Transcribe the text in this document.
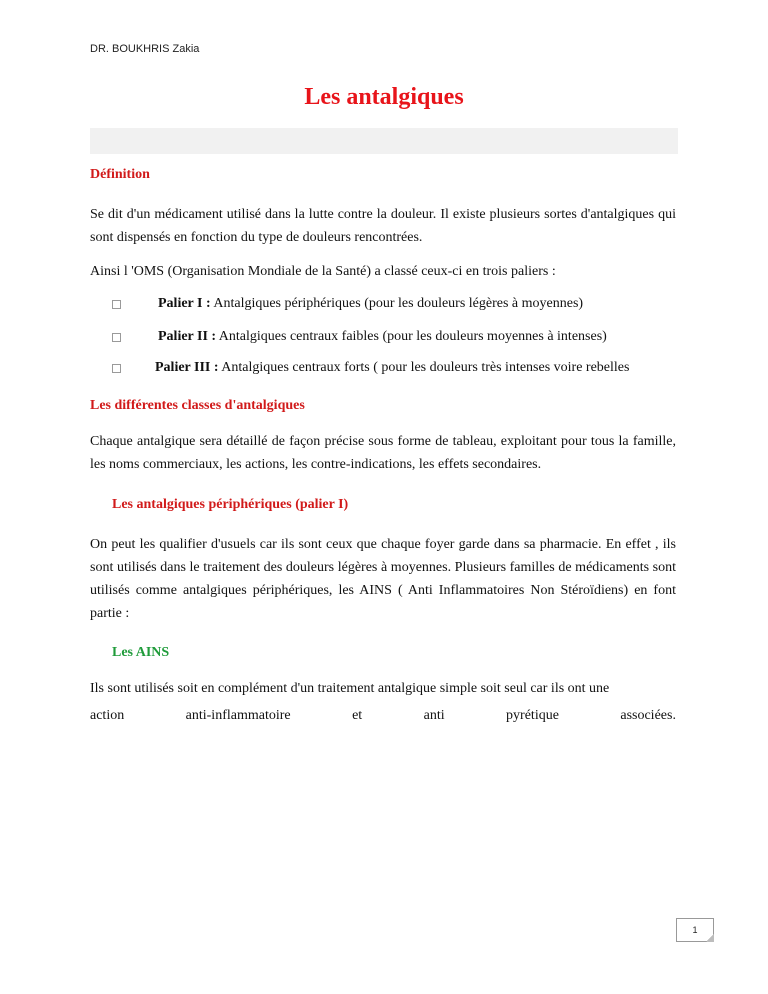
DR. BOUKHRIS Zakia
Les antalgiques
Définition
Se dit d'un médicament utilisé dans la lutte contre la douleur. Il existe plusieurs sortes d'antalgiques qui sont dispensés en fonction du type de douleurs rencontrées.
Ainsi l 'OMS (Organisation Mondiale de la Santé) a classé ceux-ci en trois paliers :
Palier I : Antalgiques périphériques (pour les douleurs légères à moyennes)
Palier II : Antalgiques centraux faibles (pour les douleurs moyennes à intenses)
Palier III : Antalgiques centraux forts ( pour les douleurs très intenses voire rebelles
Les différentes classes d'antalgiques
Chaque antalgique sera détaillé de façon précise sous forme de tableau, exploitant pour tous la famille, les noms commerciaux, les actions, les contre-indications, les effets secondaires.
Les antalgiques périphériques (palier I)
On peut les qualifier d'usuels car ils sont ceux que chaque foyer garde dans sa pharmacie. En effet , ils sont utilisés dans le traitement des douleurs légères à moyennes. Plusieurs familles de médicaments sont utilisés comme antalgiques périphériques, les AINS ( Anti Inflammatoires Non Stéroïdiens) en font partie :
Les AINS
Ils sont utilisés soit en complément d'un traitement antalgique simple soit seul car ils ont une
action	anti-inflammatoire	et	anti	pyrétique	associées.
1
